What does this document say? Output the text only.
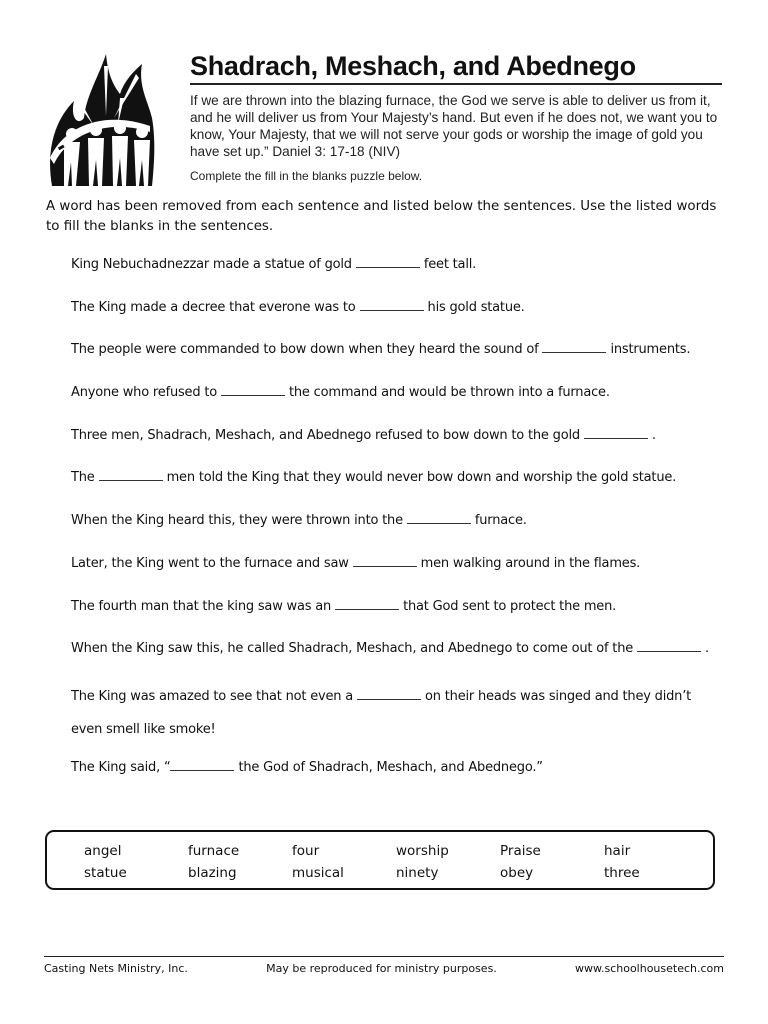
Shadrach, Meshach, and Abednego

If we are thrown into the blazing furnace, the God we serve is able to deliver us from it, and he will deliver us from Your Majesty’s hand. But even if he does not, we want you to know, Your Majesty, that we will not serve your gods or worship the image of gold you have set up.” Daniel 3: 17-18 (NIV)

Complete the fill in the blanks puzzle below.

A word has been removed from each sentence and listed below the sentences. Use the listed words to fill the blanks in the sentences.

King Nebuchadnezzar made a statue of gold	feet tall.
The King made a decree that everone was to	his gold statue.
The people were commanded to bow down when they heard the sound of	instruments.
Anyone who refused to	the command and would be thrown into a furnace.
Three men, Shadrach, Meshach, and Abednego refused to bow down to the gold	.
The	men told the King that they would never bow down and worship the gold statue.
When the King heard this, they were thrown into the	furnace.
Later, the King went to the furnace and saw	men walking around in the flames.
The fourth man that the king saw was an	that God sent to protect the men.
When the King saw this, he called Shadrach, Meshach, and Abednego to come out of the	.
The King was amazed to see that not even a	on their heads was singed and they didn’t even smell like smoke!
The King said, “	the God of Shadrach, Meshach, and Abednego.”
angel	furnace	four	worship	Praise	hair
statue	blazing	musical	ninety	obey	three
Casting Nets Ministry, Inc.	May be reproduced for ministry purposes.	www.schoolhousetech.com
